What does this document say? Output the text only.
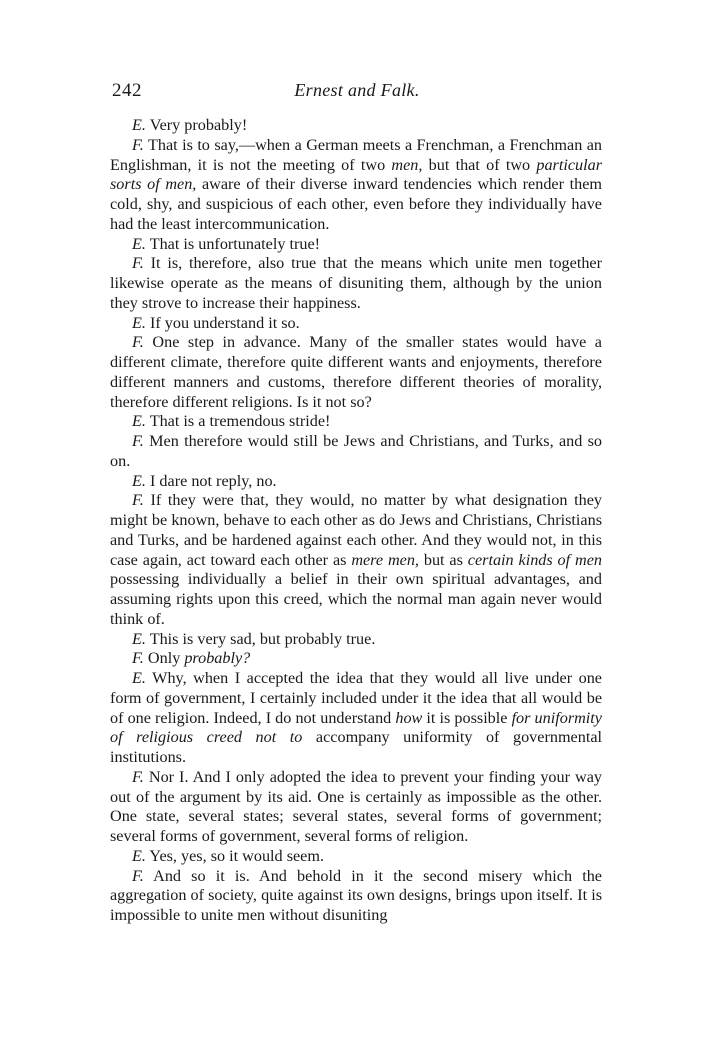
242	Ernest and Falk.

E. Very probably!

F. That is to say,—when a German meets a Frenchman, a Frenchman an Englishman, it is not the meeting of two men, but that of two particular sorts of men, aware of their diverse inward tendencies which render them cold, shy, and suspicious of each other, even before they individually have had the least intercommunication.

E. That is unfortunately true!

F. It is, therefore, also true that the means which unite men together likewise operate as the means of disuniting them, although by the union they strove to increase their happiness.

E. If you understand it so.

F. One step in advance. Many of the smaller states would have a different climate, therefore quite different wants and enjoyments, therefore different manners and customs, therefore different theories of morality, therefore different religions. Is it not so?

E. That is a tremendous stride!

F. Men therefore would still be Jews and Christians, and Turks, and so on.

E. I dare not reply, no.

F. If they were that, they would, no matter by what designation they might be known, behave to each other as do Jews and Christians, Christians and Turks, and be hardened against each other. And they would not, in this case again, act toward each other as mere men, but as certain kinds of men possessing individually a belief in their own spiritual advantages, and assuming rights upon this creed, which the normal man again never would think of.

E. This is very sad, but probably true.

F. Only probably?

E. Why, when I accepted the idea that they would all live under one form of government, I certainly included under it the idea that all would be of one religion. Indeed, I do not understand how it is possible for uniformity of religious creed not to accompany uniformity of governmental institutions.

F. Nor I. And I only adopted the idea to prevent your finding your way out of the argument by its aid. One is certainly as impossible as the other. One state, several states; several states, several forms of government; several forms of government, several forms of religion.

E. Yes, yes, so it would seem.

F. And so it is. And behold in it the second misery which the aggregation of society, quite against its own designs, brings upon itself. It is impossible to unite men without disuniting
